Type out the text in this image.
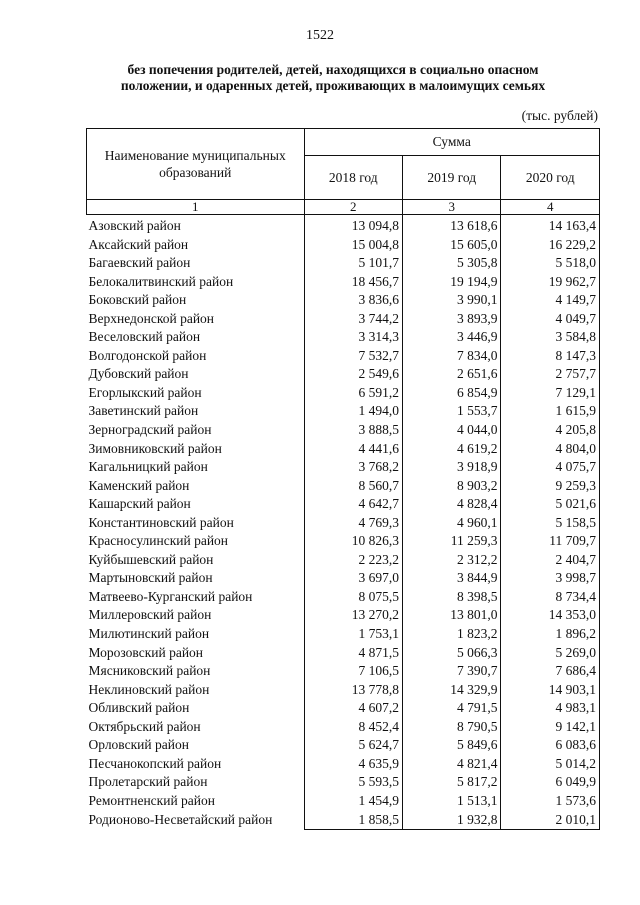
1522
без попечения родителей, детей, находящихся в социально опасном
положении, и одаренных детей, проживающих в малоимущих семьях
(тыс. рублей)
Наименование муниципальных образований	Сумма		
	2018 год	2019 год	2020 год
1	2	3	4
Азовский район	13 094,8	13 618,6	14 163,4
Аксайский район	15 004,8	15 605,0	16 229,2
Багаевский район	5 101,7	5 305,8	5 518,0
Белокалитвинский район	18 456,7	19 194,9	19 962,7
Боковский район	3 836,6	3 990,1	4 149,7
Верхнедонской район	3 744,2	3 893,9	4 049,7
Веселовский район	3 314,3	3 446,9	3 584,8
Волгодонской район	7 532,7	7 834,0	8 147,3
Дубовский район	2 549,6	2 651,6	2 757,7
Егорлыкский район	6 591,2	6 854,9	7 129,1
Заветинский район	1 494,0	1 553,7	1 615,9
Зерноградский район	3 888,5	4 044,0	4 205,8
Зимовниковский район	4 441,6	4 619,2	4 804,0
Кагальницкий район	3 768,2	3 918,9	4 075,7
Каменский район	8 560,7	8 903,2	9 259,3
Кашарский район	4 642,7	4 828,4	5 021,6
Константиновский район	4 769,3	4 960,1	5 158,5
Красносулинский район	10 826,3	11 259,3	11 709,7
Куйбышевский район	2 223,2	2 312,2	2 404,7
Мартыновский район	3 697,0	3 844,9	3 998,7
Матвеево-Курганский район	8 075,5	8 398,5	8 734,4
Миллеровский район	13 270,2	13 801,0	14 353,0
Милютинский район	1 753,1	1 823,2	1 896,2
Морозовский район	4 871,5	5 066,3	5 269,0
Мясниковский район	7 106,5	7 390,7	7 686,4
Неклиновский район	13 778,8	14 329,9	14 903,1
Обливский район	4 607,2	4 791,5	4 983,1
Октябрьский район	8 452,4	8 790,5	9 142,1
Орловский район	5 624,7	5 849,6	6 083,6
Песчанокопский район	4 635,9	4 821,4	5 014,2
Пролетарский район	5 593,5	5 817,2	6 049,9
Ремонтненский район	1 454,9	1 513,1	1 573,6
Родионово-Несветайский район	1 858,5	1 932,8	2 010,1
